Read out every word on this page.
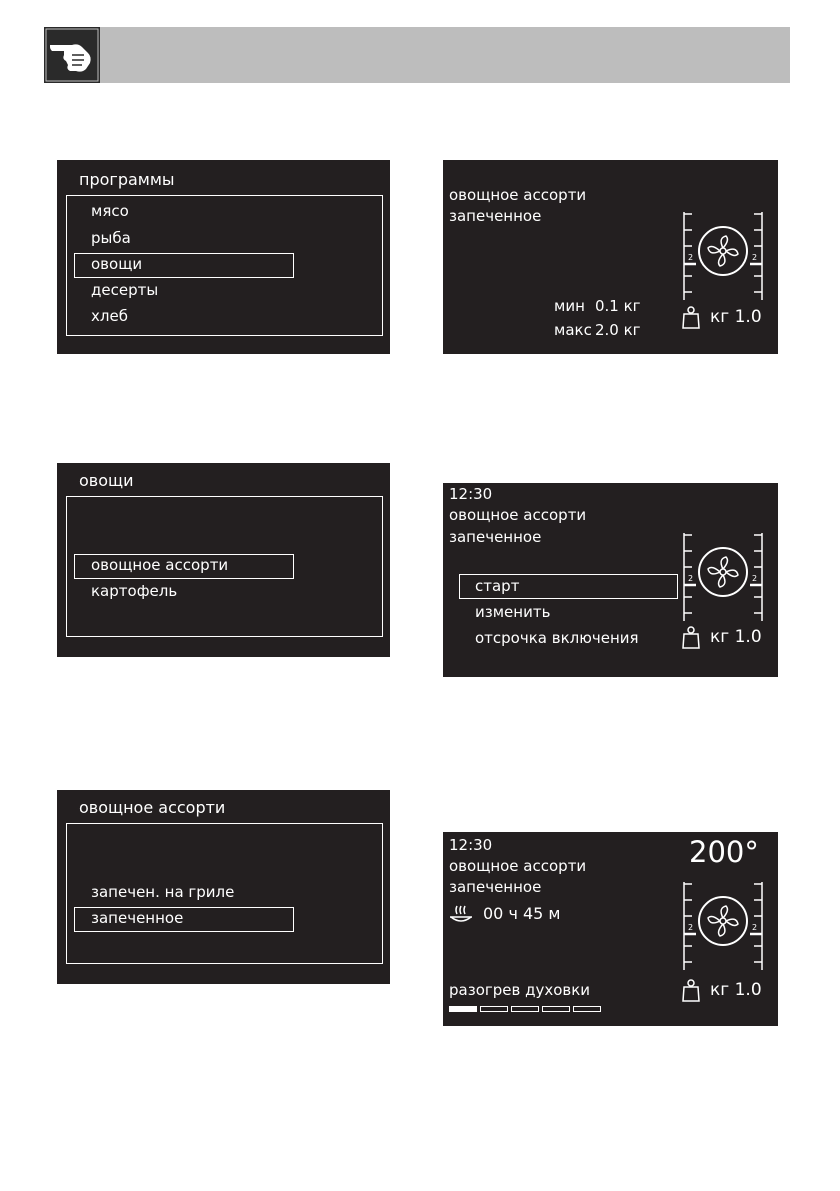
программы
мясо
рыба
овощи
десерты
хлеб
овощи
овощное ассорти
картофель
овощное ассорти
запечен. на гриле
запеченное
овощное ассорти
запеченное
мин 0.1 кг
макс 2.0 кг
2	2
кг 1.0
12:30
овощное ассорти
запеченное
старт
изменить
отсрочка включения
2	2
кг 1.0
12:30
овощное ассорти
запеченное
200°
00 ч 45 м
2	2
разогрев духовки	кг 1.0
